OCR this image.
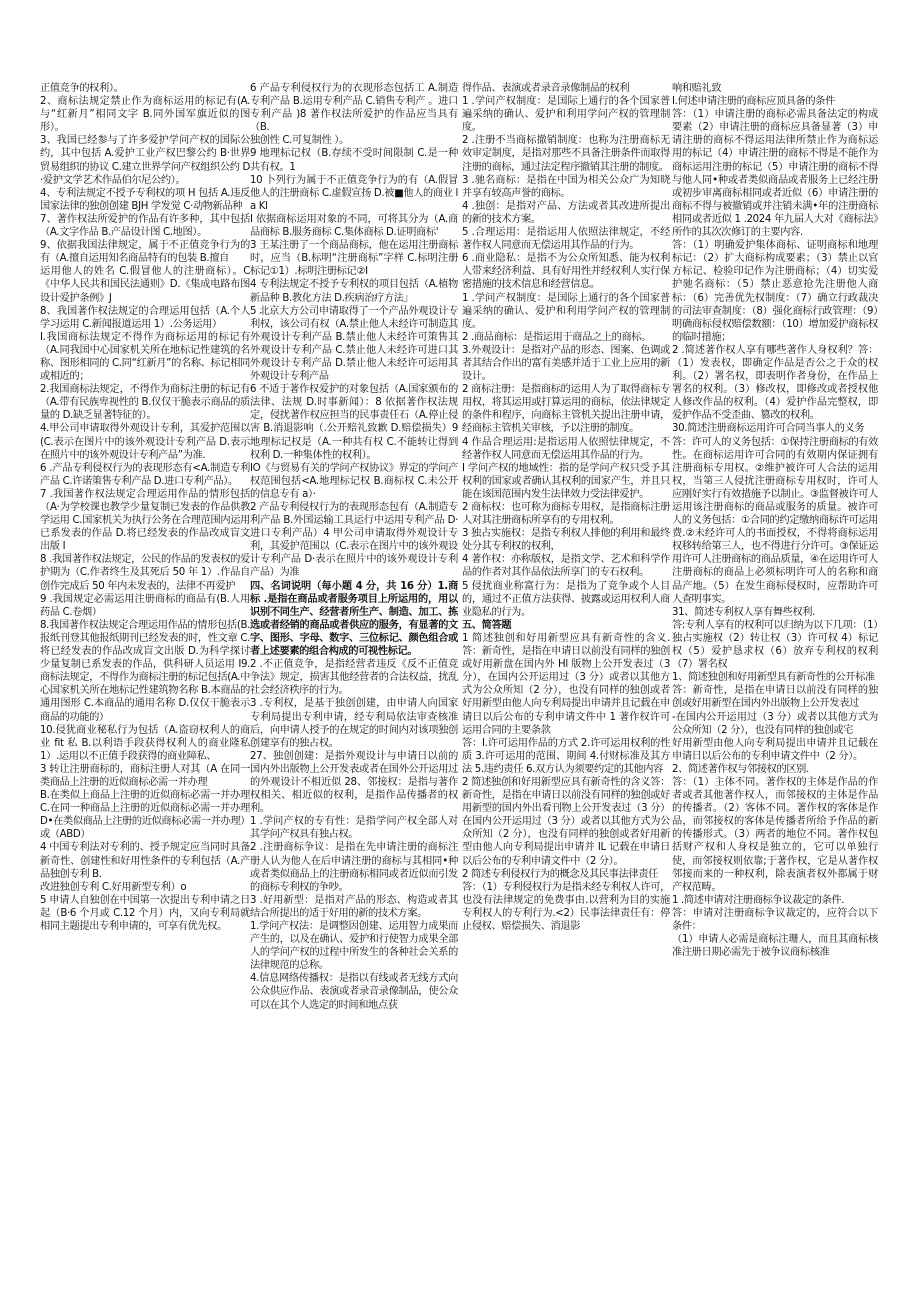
正值竞争的权利）。

2、商标法规定禁止作为商标运用的标记有(A.与“红新月”相同文字 B.同外国军旗近似的图形）。

3、我国已经参与了许多爱护学问产权的国际公约，其中包括 A.爱护工业产权巴黎公约 B·世界贸易组织的协议 C.建立世界学问产权组织公约 D·爱护文学艺术作品伯尔尼公约）。

4、专利法规定不授予专利权的项 H 包括 A.违反国家法律的独创创建 BJH 学发觉 C·动物新品种

7、著作权法所爱护的作品有许多种，其中包括（A.文字作品 B.产品设计图 C.地图）。

9、依据我国法律规定，属于不正值竞争行为的有（A.擅自运用知名商品特有的包装 B.擅自

运用他人的姓名 C.假冒他人的注册商标）。C《中华人民共和国民法通则》D.《集成电路布图设计爱护条例》J

8、我国著作权法规定的合理运用包括（A.个人学习运用 C.新闻报道运用 1）.公务运用）

I.我国商标法规定不得作为商标运用的标记有（A.同我国中心国家机关所在地标记性建筑的名称、图形相同的 C.同“红新月”的名称、标记相同或相近的；

2.我国商标法规定，不得作为商标注册的标记有（A.带有民族卑视性的 B.仅仅干脆表示商品的质量的 D.缺乏显著特征的）。

4.甲公司申请取得外观设计专利，其爱护范围以(C.表示在图片中的该外观设计专利产品 D.表示在照片中的该外观设计专利产品”为准.

6 .产品专利侵权行为的表现形态有<A.制造专利产品 C.许诺策售专利产品 D.进口专利产品）。

7 .我国著作权法规定合理运用作品的情形包括（A·为学校课也教学少量复制已发表的作品供教学运用 C.国家机关为执行公务在合理范围内运用已系发表的作品 D.将已经发表的作品改成盲文出版 I

8 .我国著作权法规定，公民的作品的发表权的爱护期为（C.作者终生及其死后 50 年 1）.作品自创作完成后 50 年内未发表的，法律不再爱护

9 .我国规定必需运用注册商标的商品有(B.人用药品 C.卷烟）

8.我国著作权法规定合理运用作品的情形包括(B.报纸刊登其他报纸期刊已经发表的时，性文章 C.将已经发表的作品改成盲文出版 D.为科学探讨少量复制已系发表的作品，供科研人员运用 I9.商标法规定，不得作为商标注册的标记包括(A.中心国家机关所在地标记性建筑物名称 B.本商品的通用图形 C.本商品的通用名称 D.仅仅干脆表示商品的功能的）

10.侵犹商业秘私行为包括（A.盗窃权利人的商业 fit 私 B.以利语手段获得权利人的商业隆私 1）.运用以不正值手段获得的商业障私、

3 转让注册商标的，商标注册人对其（A 在同一类商品上注册的近似商标必需一并办理

B.在类似上商品上注册的近似商标必需一并办理 C.在同一种商品上注册的近似商标必需一并办理 D•在类似商品上注册的近似商标必需一并办理）或（ABD）

4 中国专利法对专利的、授予规定应当同时具备新奇性、创建性和好用性条件的专利包括（A.产品独创专利 B.

改进独创专利 C.好用新型专利）o

5 申请人自独创在中国第一次提出专利申请之日起（B·6 个月或 C.12 个月）内，又向专利局就相同主题提出专利申请的，可享有优先权。

6 产品专利侵权行为的衣现形态包括工 A.制造专利产品 B.运用专利产品 C.销售专利产 。进口专利产品 )8 著作权法所爱护的作品应当具有（B.

独创性 C.可复制性 ）。

9 地理标记权（B.存续不受时间限制 C.是一种共有权。1

10 卜列行为属于不正值竞争行为的有（A.假冒他人的注册商标 C.虚假宣扬 D.被■他人的商业 la Kl

I 依据商标运用对象的不同，可将其分为（A.商品商标 B.服务商标 C.集体商标 D.证明商标'

3 王某注册了一个商品商标，他在运用注册商标时，应当（B.标明“注册商标”字样 C.标明注册标记①1）.标明注册标记②I

4 专利法规定不授予专利权的项目包括（A.植物新品种 B.教化方法 D.疾病治疗方法」

5 北京大方公司申请取得了一个产品外观设计专利权，该公司有权（A.禁止他人未经许可制造其外观设计专利产品 B.禁止他人未经许可策售其外观设计专利产品 C.禁止他人未经许可进口其外观设计专利产品 D.禁止他人未经许可运用其外观设计专利产品

6 不适于著作权爱护的对象包括（A.国家颁布的法律、法规 D.时事新闻）：8 依据著作权法规定，侵扰著作权应担当的民事责任石（A.停止侵害 B.消退影响（.公开赔礼致歉 D.赔偿损失）9 地理标记权是（A.一种共有权 C.不能转让得到权利 D.一种集体性的权利）。

IO《与贸易有关的学问产权协议》界定的学问产权范围包括<A.地理标记权 B.商标权 C.未公开的信息专有 a）·

2 产品专利侵权行为的表现形态包有（A.制造专利产品 B.外国运输工具运行中运用专利产品 D·进口专利产品）4 甲公司申请取得外观设计专利，其爱护范围以（C.表示在图片中的该外观设计专利产品 D·表示在照片中的该外观设计专利产品）为准

四、名词说明（每小题 4 分，共 16 分）1.商标 .是指在商品或者服务项目上所运用的，用以识别不同生产、经营者所生产、制造、加工、拣选或者经销的商品或者供应的服务，有显著的文字、图形、字母、数字、三位标记、颜色组合或者上述要素的组合构成的可视性标记。

2 .不正值竞争，是指经营者违反《反不正值竞争法》规定，损害其他经营者的合法权益，扰乱社会经济秩序的行为。

3 .专利权，是基于独创创建，由申请人向国家专利局提出专利申请，经专利局依法审查核准后，向申请人授予的在规定的时间内对该项独创创建享有的独占权。

27、独创创建：是指外观设计与申请日以前的国内外出版物上公开发表或者在国外公开运用过的外观设计不相近似 28、邻接权：是指与著作权相关、相近似的权利，是指作品传播者的权利。

1 .学问产权的专有性：是指学问产权全部人对其学问产权具有独占权。

2 .注册商标争议：是指在先申请注册的商标注册人认为他人在后申请注册的商标与其相同•种或者类似商品上的注册商标相同或者近似而引发的商标专利权的争吵。

3 .好用新型：是指对产品的形态、构造或者其结合所提出的适于好用的新的技术方案。

1.学问产权法：是调整因创建、运用智力成果而产生的，以及在确认、爱护和行使智力成果全部人的学问产权的过程中所发生的各种社会关系的法律规范的总称。

4.信息网络传播权：是指以有线或者无线方式向公众供应作品、表演或者录音录像制品，使公众可以在其个人选定的时间和地点获

得作品、表演或者录音录像制品的权利

1 .学问产权制度：是国际上通行的各个国家普遍采纳的确认、爱护和利用学问产权的管理制度。

2 .注册不当商标撤销制度：也称为注册商标无效审定制度，是指对那些不具备注册条件而取得注册的商标，通过法定程序撤销其注册的制度。

3 .驰名商标：是指在中国为相关公众广为知晓并享有较高声誉的商标。

4 .独创：是指对产品、方法或者其改进所提出的新的技术方案。

5 .合理运用：是指运用人依照法律规定，不经著作权人同意而无偿运用其作品的行为。

6 .商业隐私：是指不为公众所知悉、能为权利人带来经济利益、具有好用性并经权利人实行保密措施的技术信息和经营信息。

1 .学问产权制度：是国际上通行的各个国家普遍采纳的确认、爱护和利用学问产权的管理制度。

2 .商品商标：是指运用于商品之上的商标。

3.外观设计：是指对产品的形态、图案、色调或者其结合作出的富有美感并适于工业上应用的新设计。

2 商标注册：是指商标的运用人为了取得商标专用权，将其运用或打算运用的商标，依法律规定的条件和程序，向商标主管机关提出注册申请，经商标主管机关审核，予以注册的制度。

4 作品合理运用:是指运用人依照怯律规定，不经著作权人同意而无偿运用其作品的行为。

I 学问产权的地域性：指的是学问产权只受予其权利的国家或者确认其权利的国家产生，并且只能在该国范围内发生法律效力受法律爱护。

2 商标权：也可称为商标专用权，是指商标注册人对其注册商标所享有的专用权利。

3 独占实施权：是指专利权人排他的利用和最终处分其专利权的权利，

4 著作权：亦称版权，是指文学、艺术和科学作品的作者对其作品依法所享门的专石权利。

5 侵扰商业称富行为：是指为了竞争或个人目的，通过不正值方法获得、披露或运用权利人商业隐私的行为。

五、简答题

1 简述独创和好用新型应具有新奇性的含义.答：新奇性，是指在申请日以前没有同样的独创或好用新盘在国内外 Hl 版物上公开发表过（3 分），在国内公开运用过（3 分）或者以其他方式为公众所知（2 分），也没有同样的独创或者好用新型由他人向专利局提出申请并且记载在申请日以后公布的专利申请文件中 1 著作权许可运用合同的主要条款

答：I.许可运用作品的方式 2.许可运用权利的性质 3.许可运用的范围、期间 4.付财标准及其方法 5.违约责任 6.双方认为须要约定的其他内容

2 简述独创和好用新型应具有新奇性的含义答：新奇性，是指在申请日以前没有同样的独创或好用新型的国内外出看刊物上公开发表过（3 分）在国内公开运用过（3 分）或者以其他方式为公众所知（2 分），也没有同样的独创或者好用新型由他人向专利局提出申请并 IL 记载在申请日以后公布的专利申请文件中（2 分）。

2 简述专利侵权行为的概念及其民事法律责任

答：（1）专利侵权行为是指未经专利权人许可，也没有法律规定的免费事由.以营利为目的实施专利权人的专利行为.<2）民事法律责任有：停止侵权、赔偿损失、消退影

响和赔礼致

I.何述申请注册的商标应顶具备的条件

答：（1）申请注册的商标必需具备法定的构成要素（2）申请注册的商标应具备显著（3）申请注册的商标不得运用法律所禁止作为商标运用的标记（4）申请注册的商标不得是不能作为商标运用注册的标记（5）申请注册的商标不得与他人同•种或者类似商品或者服务上已经注册或初步审离商标相同或者近似（6）申请注册的商标不得与被撤销或并注销未满•年的注册商标相同或者近似 1 .2024 年九届人大对《商标法》所作的其次次修订的主要内容.

答：（1）明确爱护集体商标、证明商标和地理标记：（2）扩大商标构成要素；（3）禁止以官方标记、检验印记作为注册商标；（4）切实爱护驰名商标：（5）禁止恶意抢先注册他人商标：（6）完善优先权制度：（7）确立行政裁决的司法审查制度：（8）强化商标行政管理：（9）明确商标侵权赔偿数额：（10）增加爱护商标权的临时措施；

2 .简述著作权人享有哪些著作人身权利？答：（1）发表权，即确定作品是否公之于众的权利。（2）署名权，即表明作者身份，在作品上署名的权利。（3）修改权，即修改或者授权他人修改作品的权利。（4）爱护作品完整权，即爱护作品不受歪曲、篡改的权利。

30.简述注册商标运用许可合同当事人的义务

答：许可人的义务包括：①保持注册商标的有效性。在商标运用许可合同的有效期内保证拥有注册商标专用权。②维护被许可人合法的运用权，当第三人侵扰注册商标专用权时，许可人应刚好实行有效措施予以制止。③监督被许可人运用该注册商标的商品或服务的质量。被许可人的义务包括：①合同的约定缴纳商标许可运用费.②未经许可人的书面授权，不得将商标运用权移转给第三人，也不得进行分许可。③保证运用许可人注册商标的商品质量，④在运用许可人注册商标的商品上必须标明许可人的名称和商品产地。（5）在发生商标侵权时，应帮助许可人查明事实。

31、简述专利权人享有舞些权利.

答:专利人享有的权利可以归纳为以下几项：（1）独占实施权（2）转让权（3）许可权 4）标记权（5）爱护恳求权（6）放弃专利权的权利（7）署名权

1、简述独创和好用新型具有新奇性的公开标准

答：新奇性，是指在申请日以前没有同样的独创或好用新型在国内外出版物上公开发表过

-在国内公开运用过（3 分）或者以其他方式为公众所知（2 分），也没有同样的独创或宅

好用新型由他人向专利局提出申请并且记载在申请日以后公布的专利申请文件中（2 分）。

2、简述著作权与邻接权的区别.

答：（1）主体不同。著作权的主体是作品的作者或者其他著作权人，而邻接权的主体是作品的传播者。（2）客体不同。著作权的客体是作品，而邻接权的客体是传播者所给予作品的新的传播形式。（3）两者的地位不同。著作权包括财产权和人身权是独立的，它可以单独行使，而邻接权则依靠;于著作权，它是从著作权邻接而来的一种权利，除表演者权外都属于财产权范畴。

1 .简述申请对注册商标争议裁定的条件.

答：申请对注册商标争议裁定的，应符合以下条件：

（1）申请人必需是商标注珊人，而且其商标核准注册日期必需先于被争议商标核准
